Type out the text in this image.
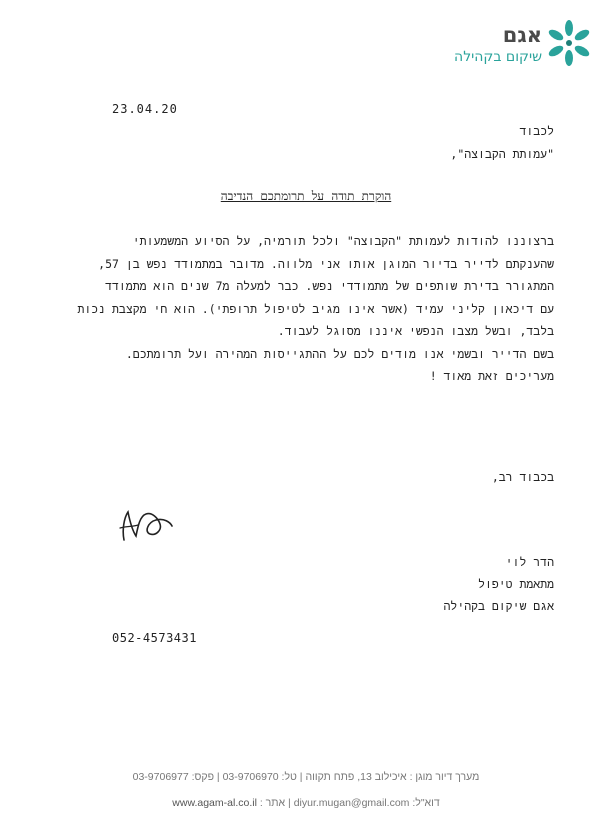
אגם
שיקום בקהילה
23.04.20
לכבוד
"עמותת הקבוצה",
הוקרת תודה על תרומתכם הנדיבה
ברצוננו להודות לעמותת "הקבוצה" ולכל תורמיה, על הסיוע המשמעותי
שהענקתם לדייר בדיור המוגן אותו אני מלווה. מדובר במתמודד נפש בן 57,
המתגורר בדירת שותפים של מתמודדי נפש. כבר למעלה מ7 שנים הוא מתמודד
עם דיכאון קליני עמיד (אשר אינו מגיב לטיפול תרופתי). הוא חי מקצבת נכות
בלבד, ובשל מצבו הנפשי איננו מסוגל לעבוד.
בשם הדייר ובשמי אנו מודים לכם על ההתגייסות המהירה ועל תרומתכם.
מעריכים זאת מאוד !
בכבוד רב,
הדר לוי
מתאמת טיפול
אגם שיקום בקהילה
052-4573431
מערך דיור מוגן : איכילוב 13, פתח תקווה | טל: 03-9706970 | פקס: 03-9706977
דוא"ל: diyur.mugan@gmail.com | אתר : www.agam-al.co.il
